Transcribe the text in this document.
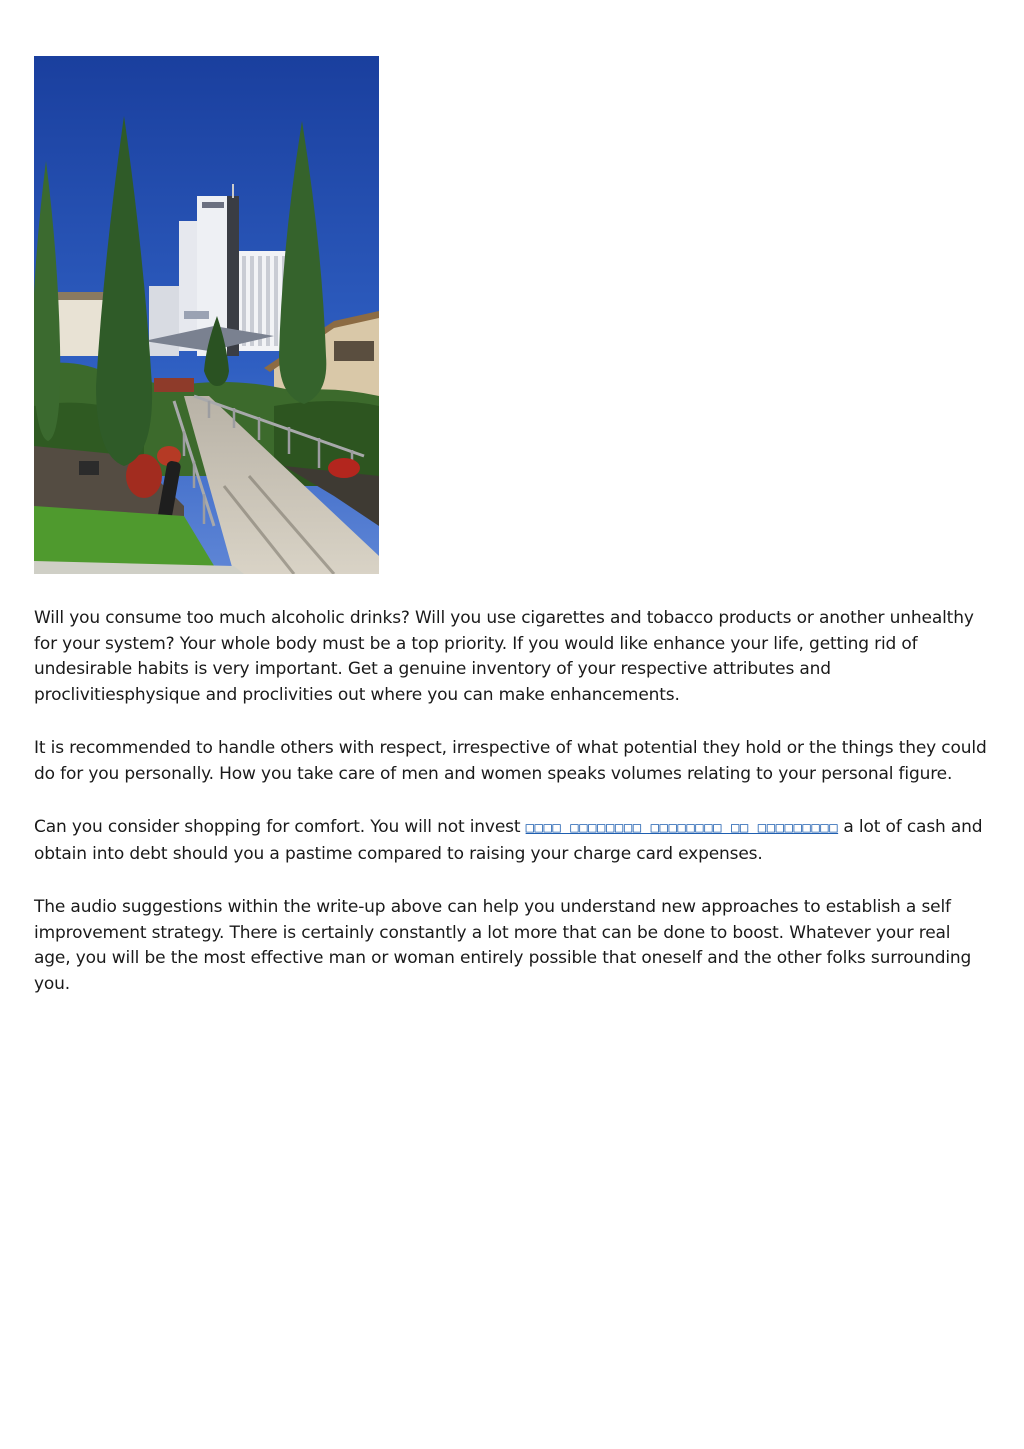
Will you consume too much alcoholic drinks? Will you use cigarettes and tobacco products or another unhealthy for your system? Your whole body must be a top priority. If you would like enhance your life, getting rid of undesirable habits is very important. Get a genuine inventory of your respective attributes and proclivitiesphysique and proclivities out where you can make enhancements.

It is recommended to handle others with respect, irrespective of what potential they hold or the things they could do for you personally. How you take care of men and women speaks volumes relating to your personal figure.

Can you consider shopping for comfort. You will not invest □□□□ □□□□□□□□ □□□□□□□□ □□ □□□□□□□□□ a lot of cash and obtain into debt should you a pastime compared to raising your charge card expenses.

The audio suggestions within the write-up above can help you understand new approaches to establish a self improvement strategy. There is certainly constantly a lot more that can be done to boost. Whatever your real age, you will be the most effective man or woman entirely possible that oneself and the other folks surrounding you.
